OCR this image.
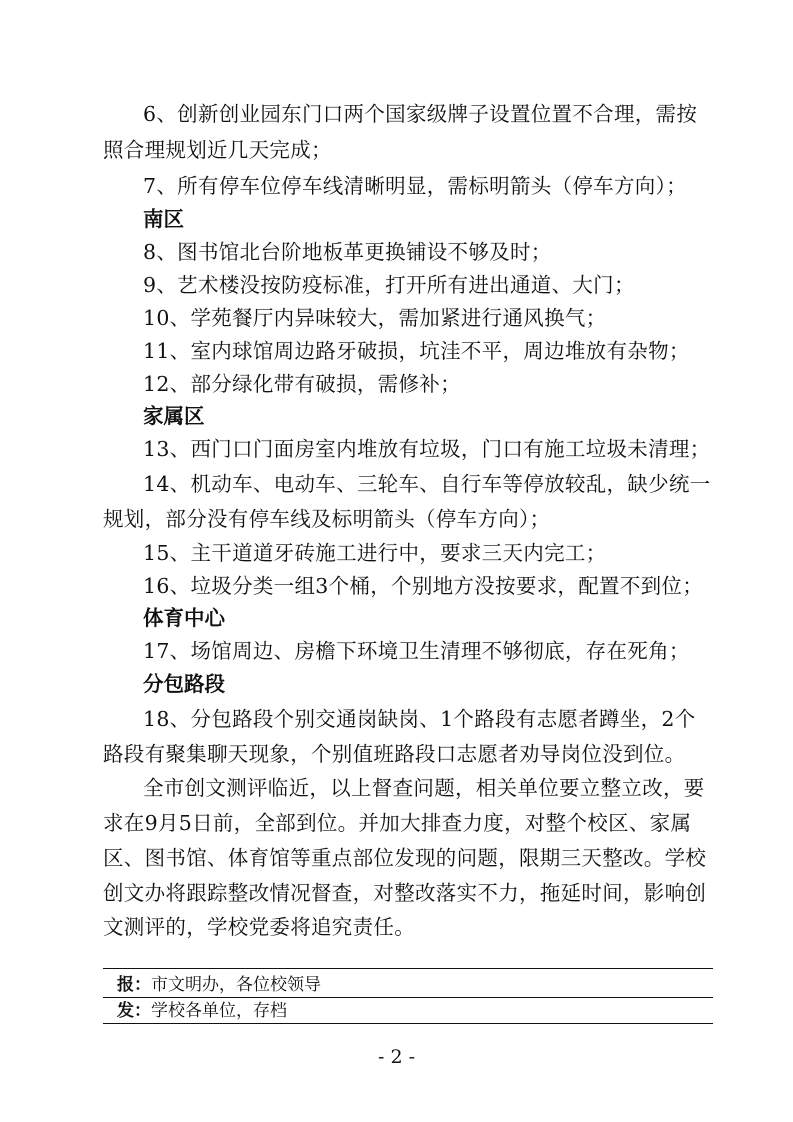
6、创新创业园东门口两个国家级牌子设置位置不合理，需按

照合理规划近几天完成；

7、所有停车位停车线清晰明显，需标明箭头（停车方向）；

南区

8、图书馆北台阶地板革更换铺设不够及时；

9、艺术楼没按防疫标准，打开所有进出通道、大门；

10、学苑餐厅内异味较大，需加紧进行通风换气；

11、室内球馆周边路牙破损，坑洼不平，周边堆放有杂物；

12、部分绿化带有破损，需修补；

家属区

13、西门口门面房室内堆放有垃圾，门口有施工垃圾未清理；

14、机动车、电动车、三轮车、自行车等停放较乱，缺少统一

规划，部分没有停车线及标明箭头（停车方向）；

15、主干道道牙砖施工进行中，要求三天内完工；

16、垃圾分类一组3个桶，个别地方没按要求，配置不到位；

体育中心

17、场馆周边、房檐下环境卫生清理不够彻底，存在死角；

分包路段

18、分包路段个别交通岗缺岗、1个路段有志愿者蹲坐，2个

路段有聚集聊天现象，个别值班路段口志愿者劝导岗位没到位。

全市创文测评临近，以上督查问题，相关单位要立整立改，要

求在9月5日前，全部到位。并加大排查力度，对整个校区、家属

区、图书馆、体育馆等重点部位发现的问题，限期三天整改。学校

创文办将跟踪整改情况督查，对整改落实不力，拖延时间，影响创

文测评的，学校党委将追究责任。

报：市文明办，各位校领导

发：学校各单位，存档

- 2 -
